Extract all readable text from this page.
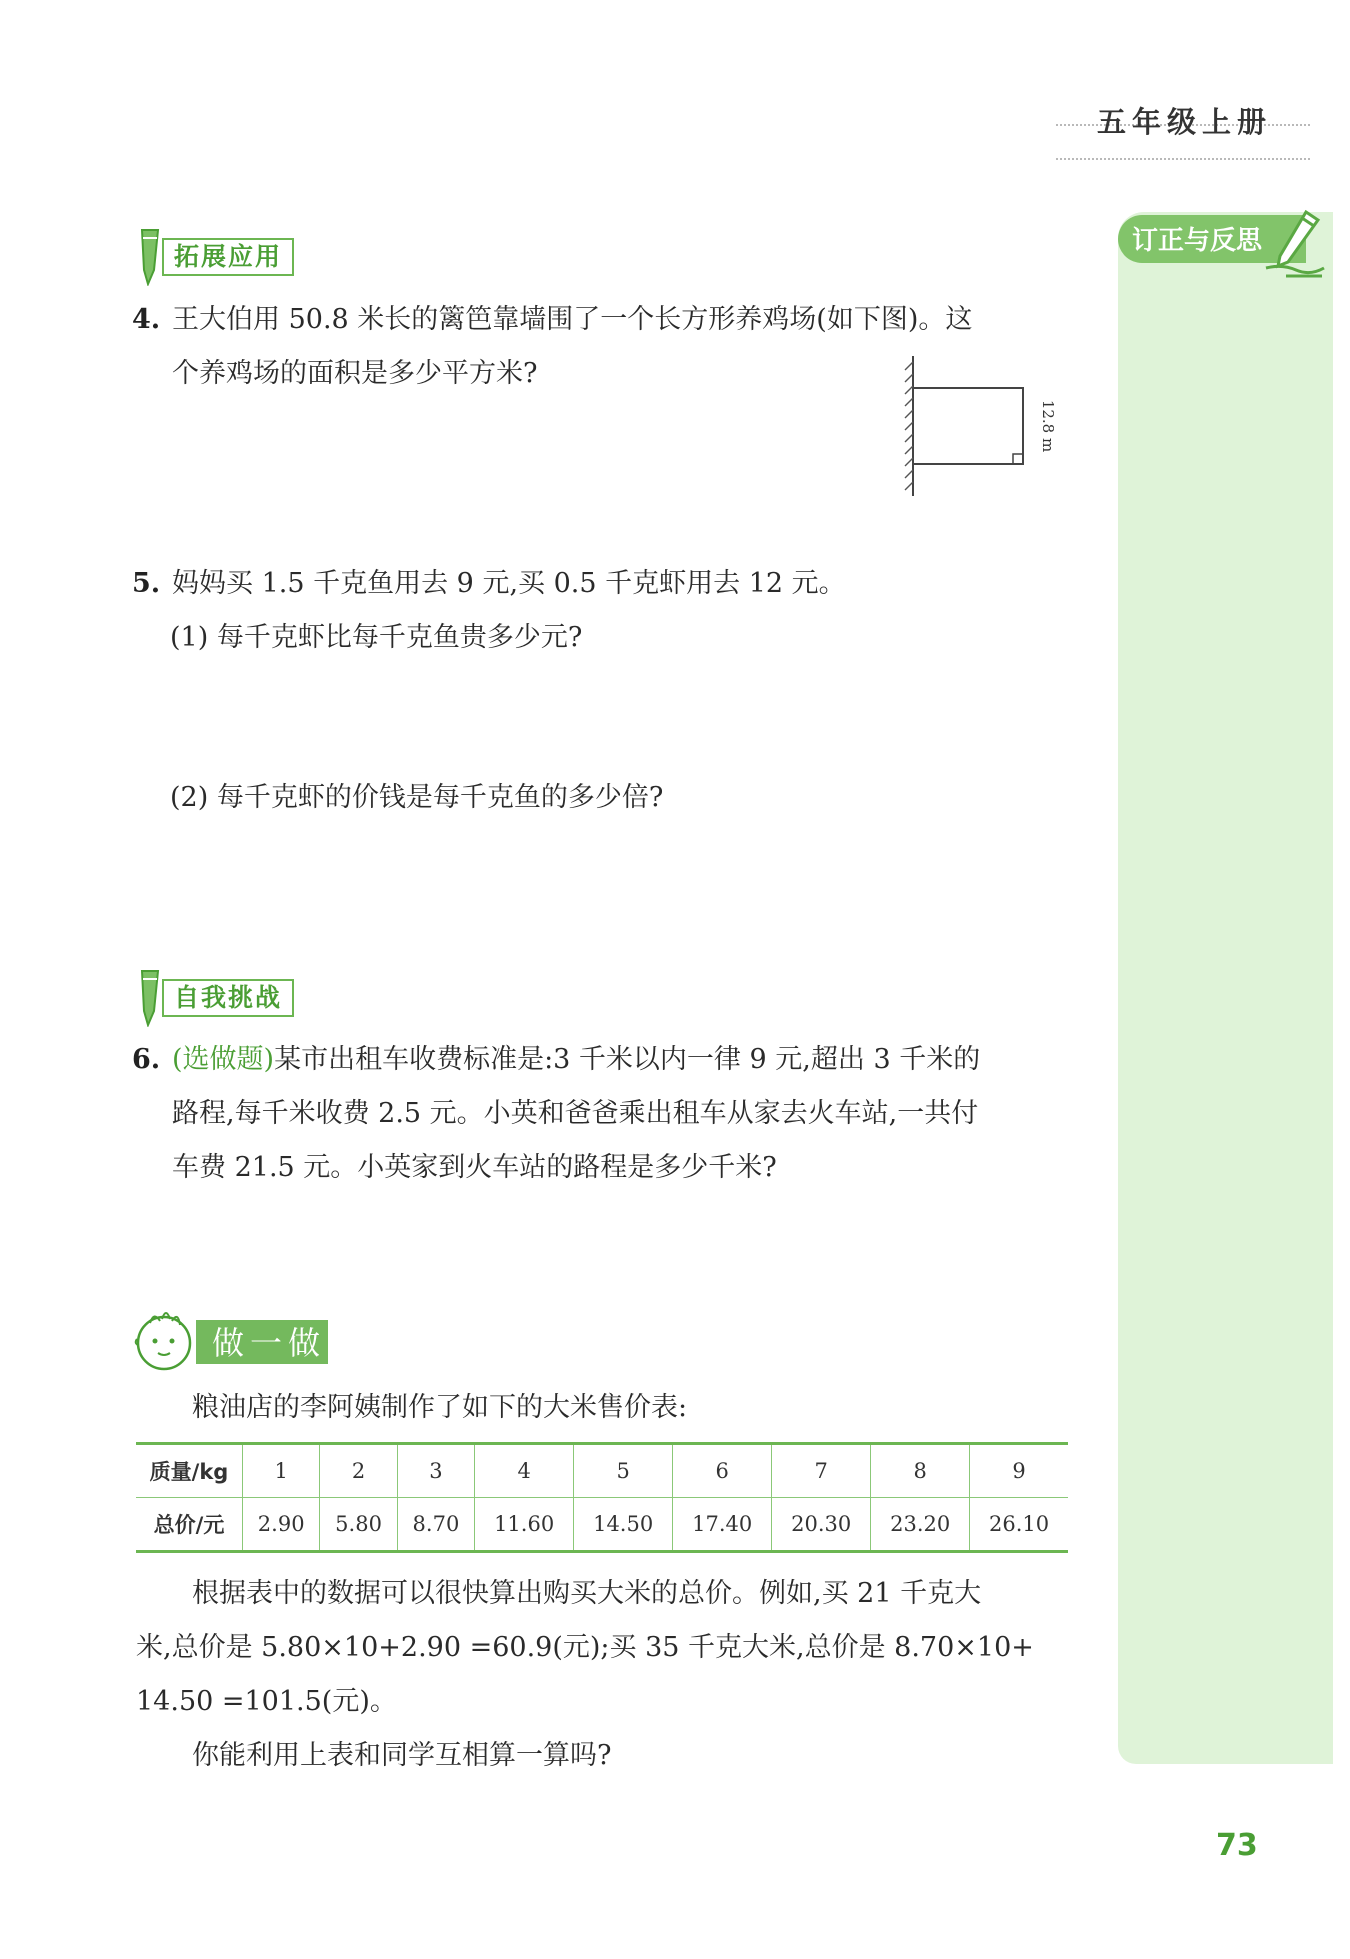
五年级上册
订正与反思
拓展应用
4. 王大伯用 50.8 米长的篱笆靠墙围了一个长方形养鸡场(如下图)。这
个养鸡场的面积是多少平方米?
12.8 m
5. 妈妈买 1.5 千克鱼用去 9 元,买 0.5 千克虾用去 12 元。
(1) 每千克虾比每千克鱼贵多少元?
(2) 每千克虾的价钱是每千克鱼的多少倍?
自我挑战
6. (选做题)某市出租车收费标准是:3 千米以内一律 9 元,超出 3 千米的
路程,每千米收费 2.5 元。小英和爸爸乘出租车从家去火车站,一共付
车费 21.5 元。小英家到火车站的路程是多少千米?
做一做
粮油店的李阿姨制作了如下的大米售价表:
质量/kg	1	2	3	4	5	6	7	8	9
总价/元	2.90	5.80	8.70	11.60	14.50	17.40	20.30	23.20	26.10
根据表中的数据可以很快算出购买大米的总价。例如,买 21 千克大
米,总价是 5.80×10+2.90 =60.9(元);买 35 千克大米,总价是 8.70×10+
14.50 =101.5(元)。
你能利用上表和同学互相算一算吗?
73
